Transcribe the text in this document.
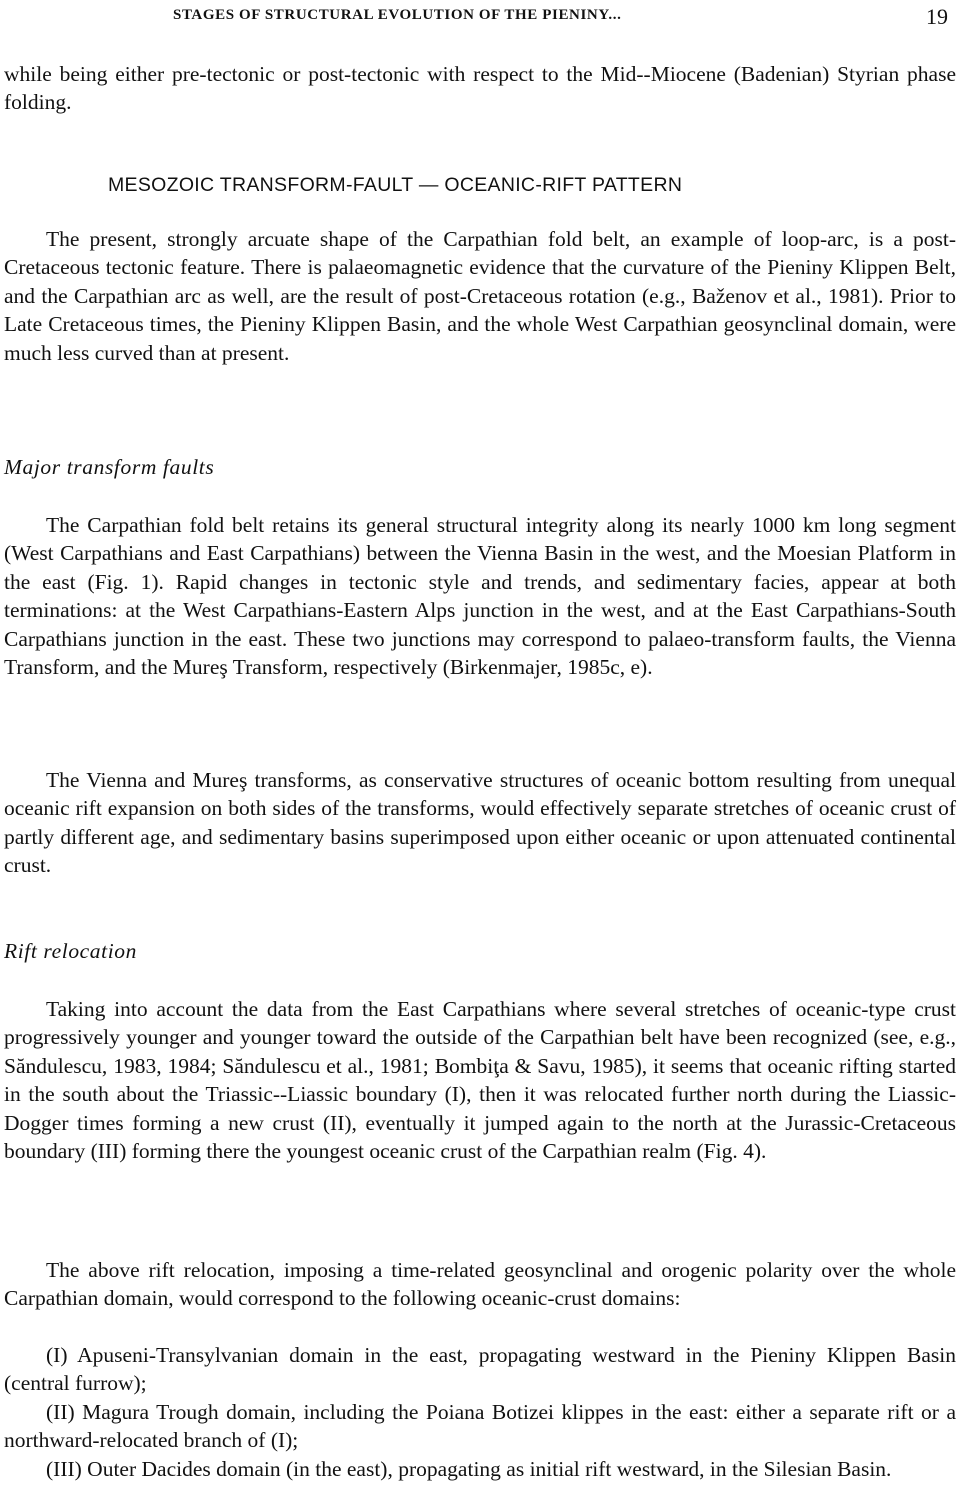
STAGES OF STRUCTURAL EVOLUTION OF THE PIENINY...	19

while being either pre-tectonic or post-tectonic with respect to the Mid--Miocene (Badenian) Styrian phase folding.

MESOZOIC TRANSFORM-FAULT — OCEANIC-RIFT PATTERN

The present, strongly arcuate shape of the Carpathian fold belt, an example of loop-arc, is a post-Cretaceous tectonic feature. There is palaeomagnetic evidence that the curvature of the Pieniny Klippen Belt, and the Carpathian arc as well, are the result of post-Cretaceous rotation (e.g., Baženov et al., 1981). Prior to Late Cretaceous times, the Pieniny Klippen Basin, and the whole West Carpathian geosynclinal domain, were much less curved than at present.

Major transform faults

The Carpathian fold belt retains its general structural integrity along its nearly 1000 km long segment (West Carpathians and East Carpathians) between the Vienna Basin in the west, and the Moesian Platform in the east (Fig. 1). Rapid changes in tectonic style and trends, and sedimentary facies, appear at both terminations: at the West Carpathians-Eastern Alps junction in the west, and at the East Carpathians-South Carpathians junction in the east. These two junctions may correspond to palaeo-transform faults, the Vienna Transform, and the Mureş Transform, respectively (Birkenmajer, 1985c, e).

The Vienna and Mureş transforms, as conservative structures of oceanic bottom resulting from unequal oceanic rift expansion on both sides of the transforms, would effectively separate stretches of oceanic crust of partly different age, and sedimentary basins superimposed upon either oceanic or upon attenuated continental crust.

Rift relocation

Taking into account the data from the East Carpathians where several stretches of oceanic-type crust progressively younger and younger toward the outside of the Carpathian belt have been recognized (see, e.g., Săndulescu, 1983, 1984; Săndulescu et al., 1981; Bombiţa & Savu, 1985), it seems that oceanic rifting started in the south about the Triassic--Liassic boundary (I), then it was relocated further north during the Liassic-Dogger times forming a new crust (II), eventually it jumped again to the north at the Jurassic-Cretaceous boundary (III) forming there the youngest oceanic crust of the Carpathian realm (Fig. 4).

The above rift relocation, imposing a time-related geosynclinal and orogenic polarity over the whole Carpathian domain, would correspond to the following oceanic-crust domains:

(I) Apuseni-Transylvanian domain in the east, propagating westward in the Pieniny Klippen Basin (central furrow);

(II) Magura Trough domain, including the Poiana Botizei klippes in the east: either a separate rift or a northward-relocated branch of (I);

(III) Outer Dacides domain (in the east), propagating as initial rift westward, in the Silesian Basin.
